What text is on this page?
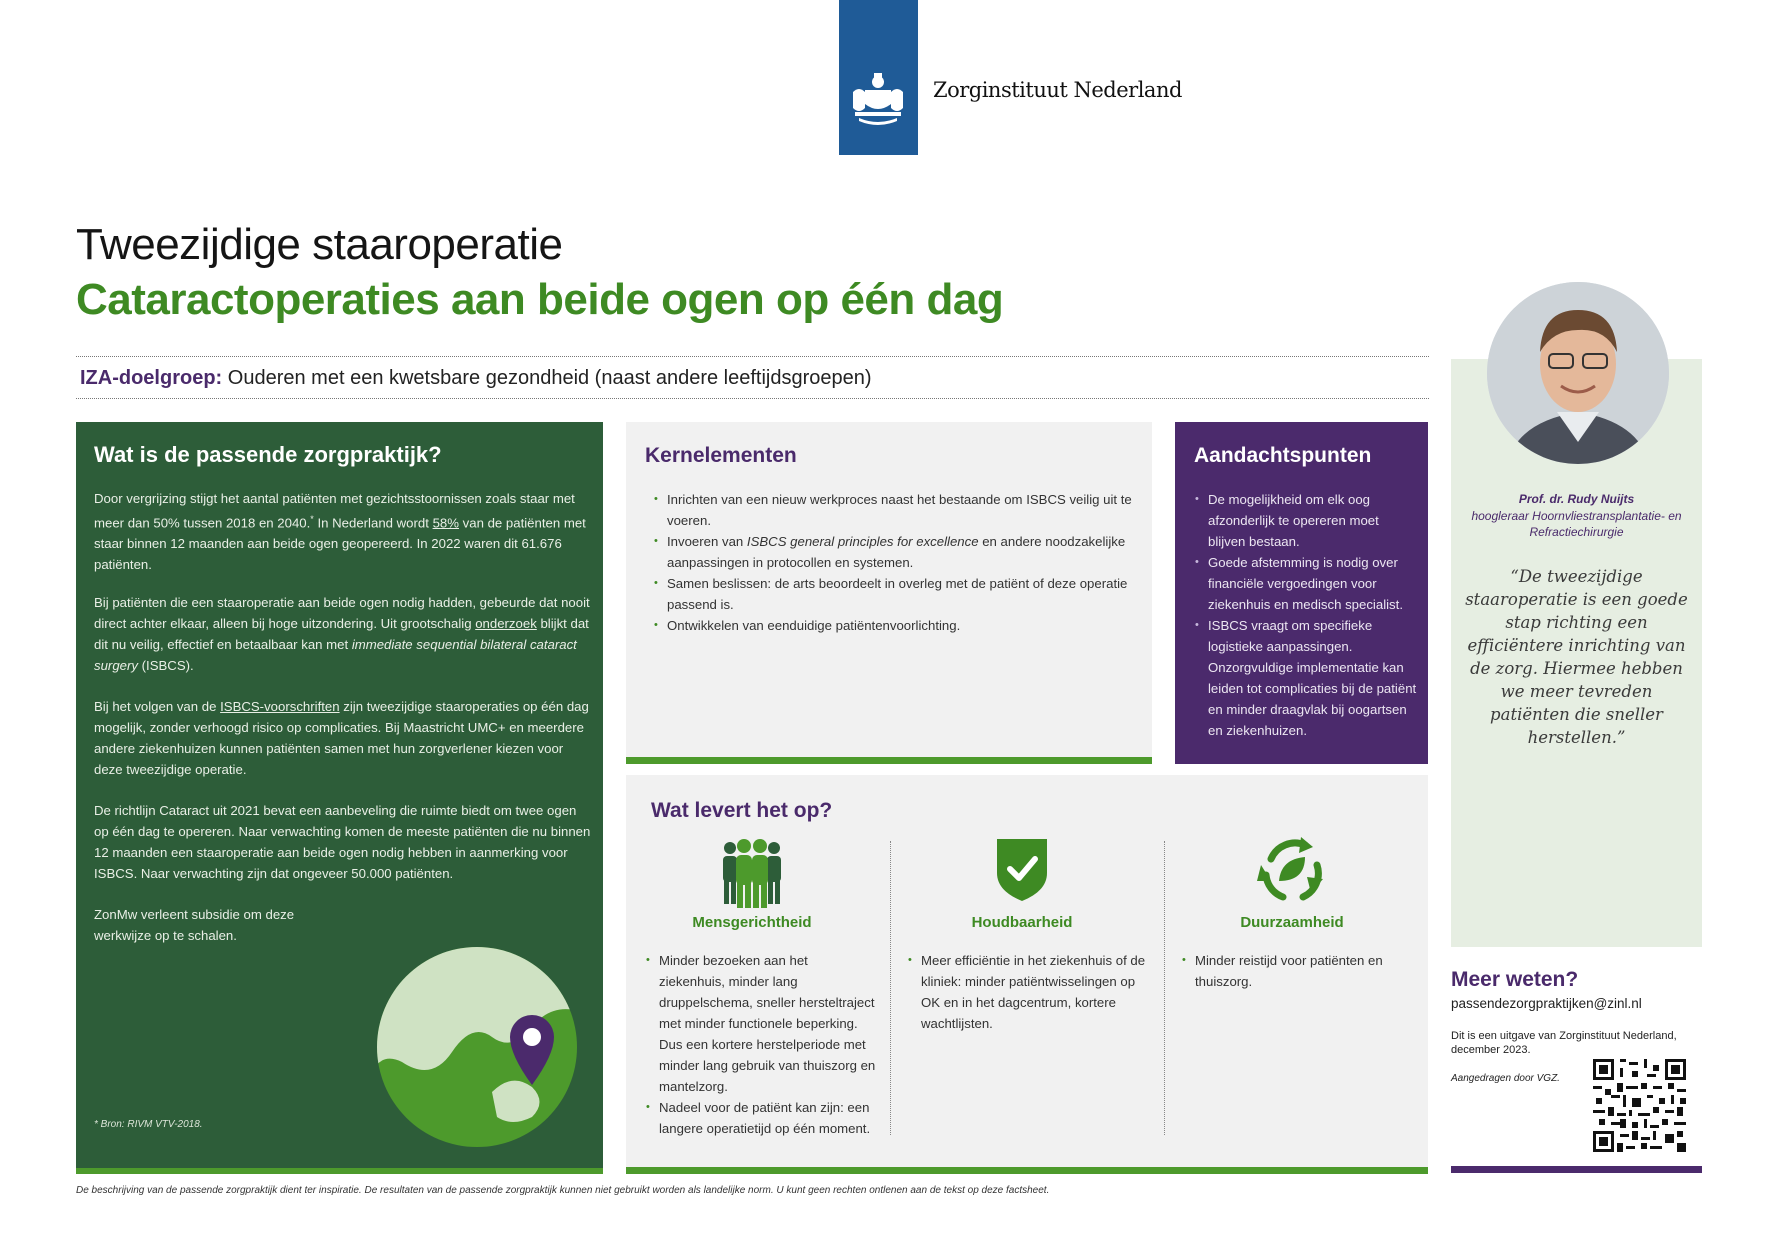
Zorginstituut Nederland
Tweezijdige staaroperatie
Cataractoperaties aan beide ogen op één dag
IZA-doelgroep: Ouderen met een kwetsbare gezondheid (naast andere leeftijdsgroepen)
Wat is de passende zorgpraktijk?

Door vergrijzing stijgt het aantal patiënten met gezichtsstoornissen zoals staar met meer dan 50% tussen 2018 en 2040.* In Nederland wordt 58% van de patiënten met staar binnen 12 maanden aan beide ogen geopereerd. In 2022 waren dit 61.676 patiënten.

Bij patiënten die een staaroperatie aan beide ogen nodig hadden, gebeurde dat nooit direct achter elkaar, alleen bij hoge uitzondering. Uit grootschalig onderzoek blijkt dat dit nu veilig, effectief en betaalbaar kan met immediate sequential bilateral cataract surgery (ISBCS).

Bij het volgen van de ISBCS-voorschriften zijn tweezijdige staaroperaties op één dag mogelijk, zonder verhoogd risico op complicaties. Bij Maastricht UMC+ en meerdere andere ziekenhuizen kunnen patiënten samen met hun zorgverlener kiezen voor deze tweezijdige operatie.

De richtlijn Cataract uit 2021 bevat een aanbeveling die ruimte biedt om twee ogen op één dag te opereren. Naar verwachting komen de meeste patiënten die nu binnen 12 maanden een staaroperatie aan beide ogen nodig hebben in aanmerking voor ISBCS. Naar verwachting zijn dat ongeveer 50.000 patiënten.

ZonMw verleent subsidie om deze werkwijze op te schalen.

* Bron: RIVM VTV-2018.
Kernelementen
• Inrichten van een nieuw werkproces naast het bestaande om ISBCS veilig uit te voeren.
• Invoeren van ISBCS general principles for excellence en andere noodzakelijke aanpassingen in protocollen en systemen.
• Samen beslissen: de arts beoordeelt in overleg met de patiënt of deze operatie passend is.
• Ontwikkelen van eenduidige patiëntenvoorlichting.
Aandachtspunten
• De mogelijkheid om elk oog afzonderlijk te opereren moet blijven bestaan.
• Goede afstemming is nodig over financiële vergoedingen voor ziekenhuis en medisch specialist.
• ISBCS vraagt om specifieke logistieke aanpassingen. Onzorgvuldige implementatie kan leiden tot complicaties bij de patiënt en minder draagvlak bij oogartsen en ziekenhuizen.
Wat levert het op?
Mensgerichtheid
• Minder bezoeken aan het ziekenhuis, minder lang druppelschema, sneller hersteltraject met minder functionele beperking. Dus een kortere herstelperiode met minder lang gebruik van thuiszorg en mantelzorg.
• Nadeel voor de patiënt kan zijn: een langere operatietijd op één moment.
Houdbaarheid
• Meer efficiëntie in het ziekenhuis of de kliniek: minder patiëntwisselingen op OK en in het dagcentrum, kortere wachtlijsten.
Duurzaamheid
• Minder reistijd voor patiënten en thuiszorg.
Prof. dr. Rudy Nuijts
hoogleraar Hoornvliestransplantatie- en Refractiechirurgie
“De tweezijdige staaroperatie is een goede stap richting een efficiëntere inrichting van de zorg. Hiermee hebben we meer tevreden patiënten die sneller herstellen.”
Meer weten?
passendezorgpraktijken@zinl.nl
Dit is een uitgave van Zorginstituut Nederland, december 2023.
Aangedragen door VGZ.
De beschrijving van de passende zorgpraktijk dient ter inspiratie. De resultaten van de passende zorgpraktijk kunnen niet gebruikt worden als landelijke norm. U kunt geen rechten ontlenen aan de tekst op deze factsheet.
